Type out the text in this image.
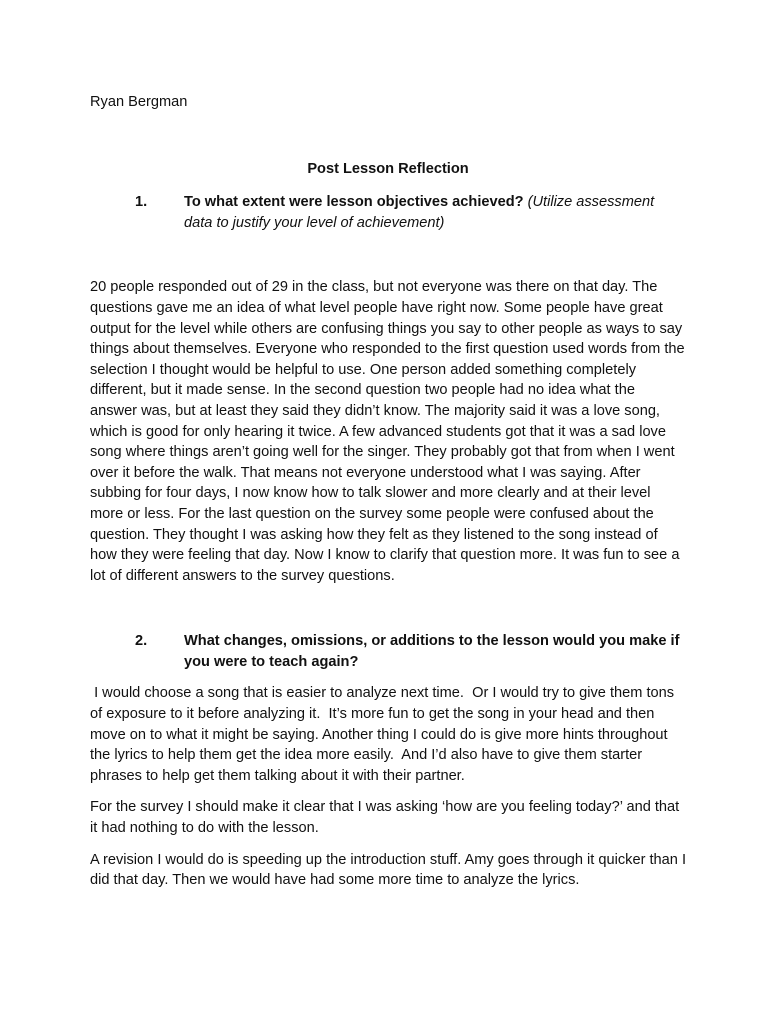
Ryan Bergman

Post Lesson Reflection

1.	To what extent were lesson objectives achieved? (Utilize assessment data to justify your level of achievement)

20 people responded out of 29 in the class, but not everyone was there on that day. The questions gave me an idea of what level people have right now. Some people have great output for the level while others are confusing things you say to other people as ways to say things about themselves. Everyone who responded to the first question used words from the selection I thought would be helpful to use. One person added something completely different, but it made sense. In the second question two people had no idea what the answer was, but at least they said they didn’t know. The majority said it was a love song, which is good for only hearing it twice. A few advanced students got that it was a sad love song where things aren’t going well for the singer. They probably got that from when I went over it before the walk. That means not everyone understood what I was saying. After subbing for four days, I now know how to talk slower and more clearly and at their level more or less. For the last question on the survey some people were confused about the question. They thought I was asking how they felt as they listened to the song instead of how they were feeling that day. Now I know to clarify that question more. It was fun to see a lot of different answers to the survey questions.

2.	What changes, omissions, or additions to the lesson would you make if you were to teach again?

I would choose a song that is easier to analyze next time.  Or I would try to give them tons of exposure to it before analyzing it.  It’s more fun to get the song in your head and then move on to what it might be saying. Another thing I could do is give more hints throughout the lyrics to help them get the idea more easily.  And I’d also have to give them starter phrases to help get them talking about it with their partner.

For the survey I should make it clear that I was asking ‘how are you feeling today?’ and that it had nothing to do with the lesson.

A revision I would do is speeding up the introduction stuff. Amy goes through it quicker than I did that day. Then we would have had some more time to analyze the lyrics.
